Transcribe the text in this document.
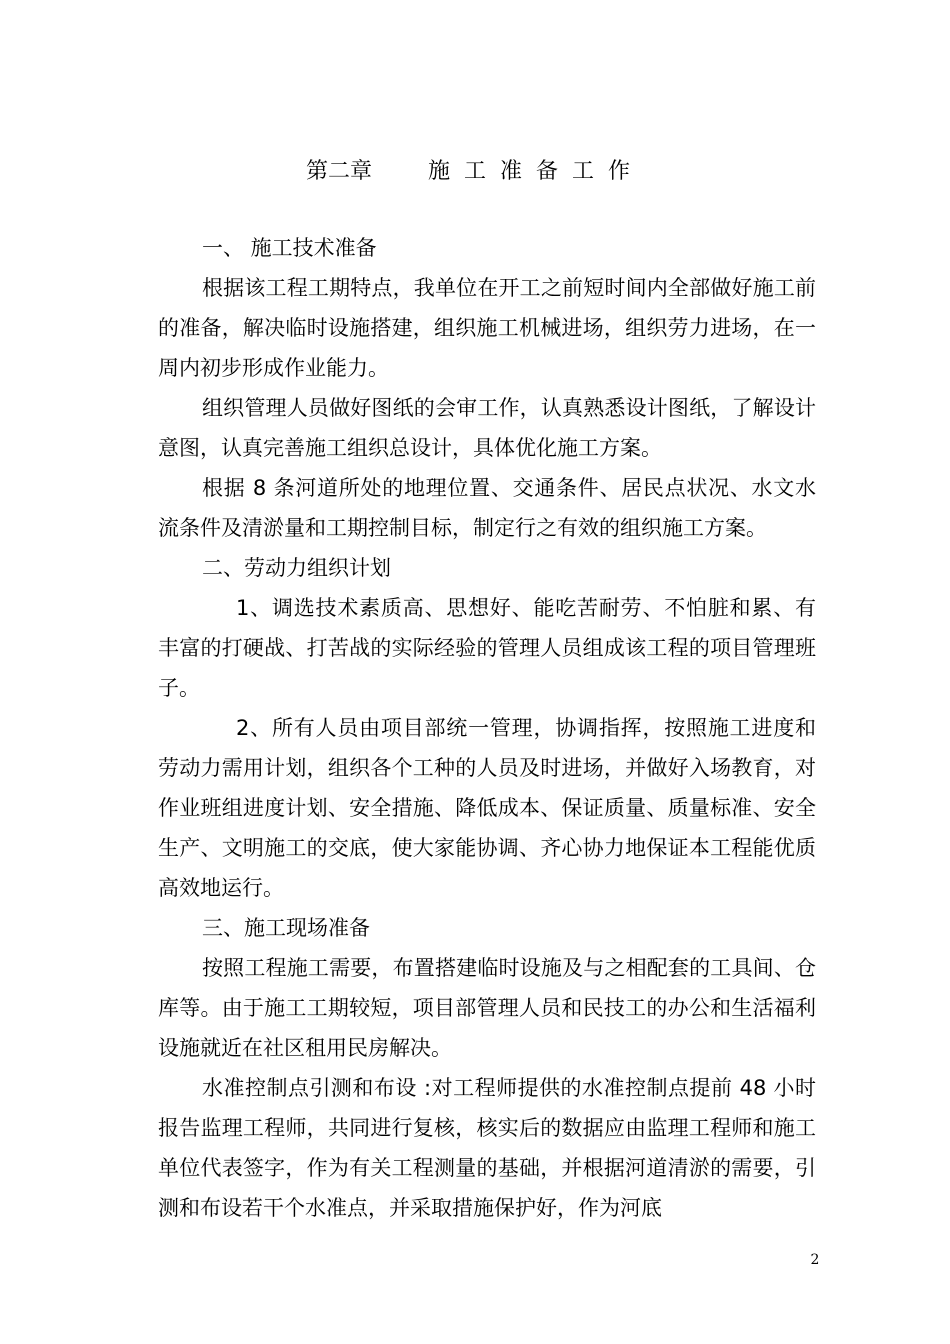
第二章	施工准备工作

一、 施工技术准备

根据该工程工期特点，我单位在开工之前短时间内全部做好施工前的准备，解决临时设施搭建，组织施工机械进场，组织劳力进场，在一周内初步形成作业能力。

组织管理人员做好图纸的会审工作，认真熟悉设计图纸，了解设计意图，认真完善施工组织总设计，具体优化施工方案。

根据 8 条河道所处的地理位置、交通条件、居民点状况、水文水流条件及清淤量和工期控制目标，制定行之有效的组织施工方案。

二、劳动力组织计划

1、调选技术素质高、思想好、能吃苦耐劳、不怕脏和累、有丰富的打硬战、打苦战的实际经验的管理人员组成该工程的项目管理班子。

2、所有人员由项目部统一管理，协调指挥，按照施工进度和劳动力需用计划，组织各个工种的人员及时进场，并做好入场教育，对作业班组进度计划、安全措施、降低成本、保证质量、质量标准、安全生产、文明施工的交底，使大家能协调、齐心协力地保证本工程能优质高效地运行。

三、施工现场准备

按照工程施工需要，布置搭建临时设施及与之相配套的工具间、仓库等。由于施工工期较短，项目部管理人员和民技工的办公和生活福利设施就近在社区租用民房解决。

水准控制点引测和布设 :对工程师提供的水准控制点提前 48 小时报告监理工程师，共同进行复核，核实后的数据应由监理工程师和施工单位代表签字，作为有关工程测量的基础，并根据河道清淤的需要，引测和布设若干个水准点，并采取措施保护好，作为河底

2
